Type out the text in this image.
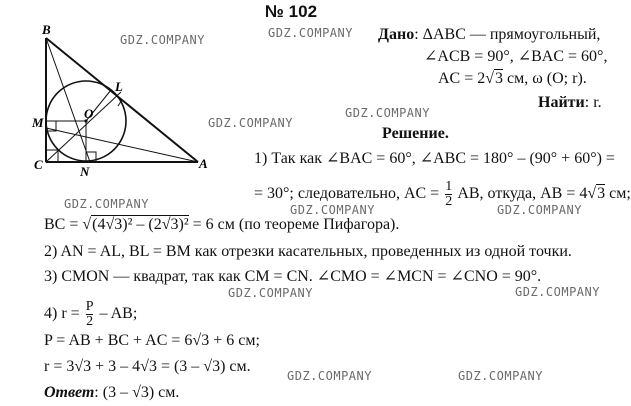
B
L
O
M
C	N
A
№ 102
Дано: ΔABC — прямоугольный,
∠ACB = 90°, ∠BAC = 60°,
AC = 2√3 см, ω (O; r).
Найти: r.
Решение.
1) Так как ∠BAC = 60°, ∠ABC = 180° – (90° + 60°) =
= 30°; следовательно, AC = $\frac{1}{2}$ AB, откуда, AB = 4√3 см;
BC = √(4√3)² – (2√3)² = 6 см (по теореме Пифагора).
2) AN = AL, BL = BM как отрезки касательных, проведенных из одной точки.
3) CMON — квадрат, так как CM = CN. ∠CMO = ∠MCN = ∠CNO = 90°.
4) $r = \frac{P}{2}$ – AB;
P = AB + BC + AC = 6√3 + 6 см;
r = 3√3 + 3 – 4√3 = (3 – √3) см.
Ответ: (3 – √3) см.
GDZ.COMPANY	GDZ.COMPANY
GDZ.COMPANY
GDZ.COMPANY
GDZ.COMPANY	GDZ.COMPANY	GDZ.COMPANY
GDZ.COMPANY	GDZ.COMPANY
GDZ.COMPANY	GDZ.COMPANY
